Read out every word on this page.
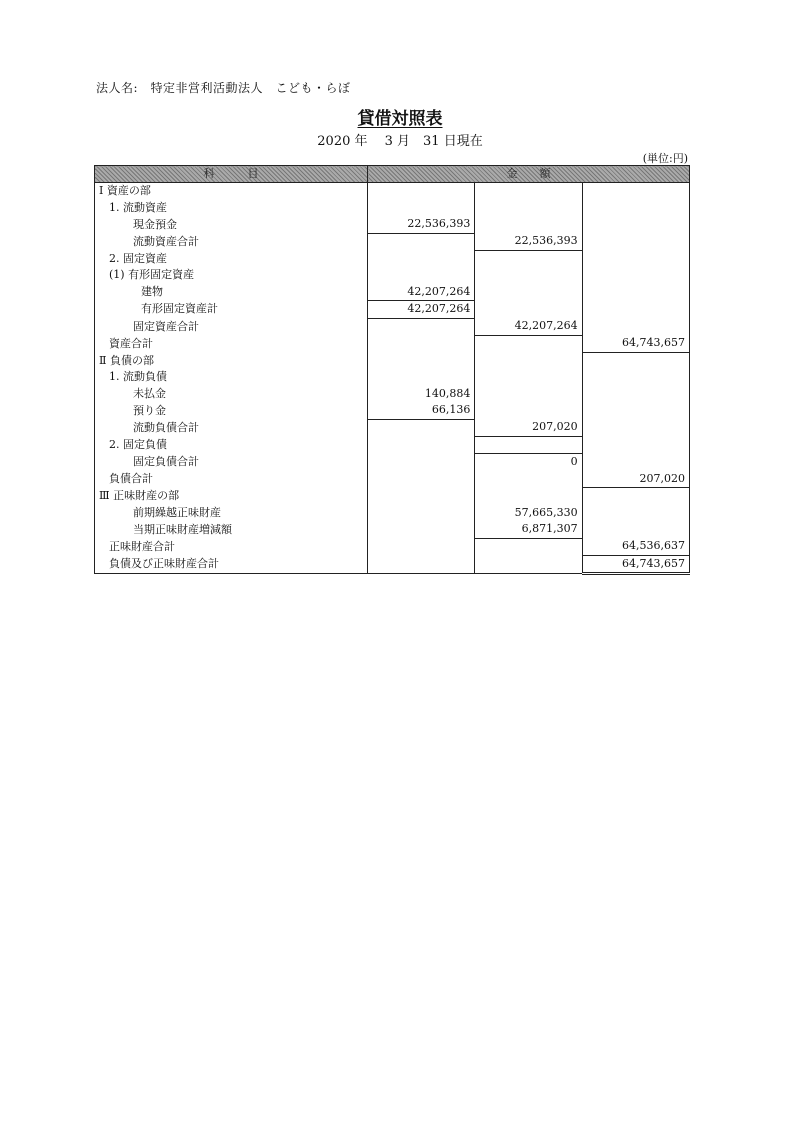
法人名:　特定非営利活動法人　こども・らぼ
貸借対照表
2020 年　 3 月　31 日現在
(単位:円)
科　　　目	金　　額		
Ⅰ 資産の部			
1. 流動資産			
現金預金	22,536,393		
流動資産合計		22,536,393	
2. 固定資産			
(1) 有形固定資産			
建物	42,207,264		
有形固定資産計	42,207,264		
固定資産合計		42,207,264	
資産合計			64,743,657
Ⅱ 負債の部			
1. 流動負債			
未払金	140,884		
預り金	66,136		
流動負債合計		207,020	
2. 固定負債			
固定負債合計		0	
負債合計			207,020
Ⅲ 正味財産の部			
前期繰越正味財産		57,665,330	
当期正味財産増減額		6,871,307	
正味財産合計			64,536,637
負債及び正味財産合計			64,743,657
